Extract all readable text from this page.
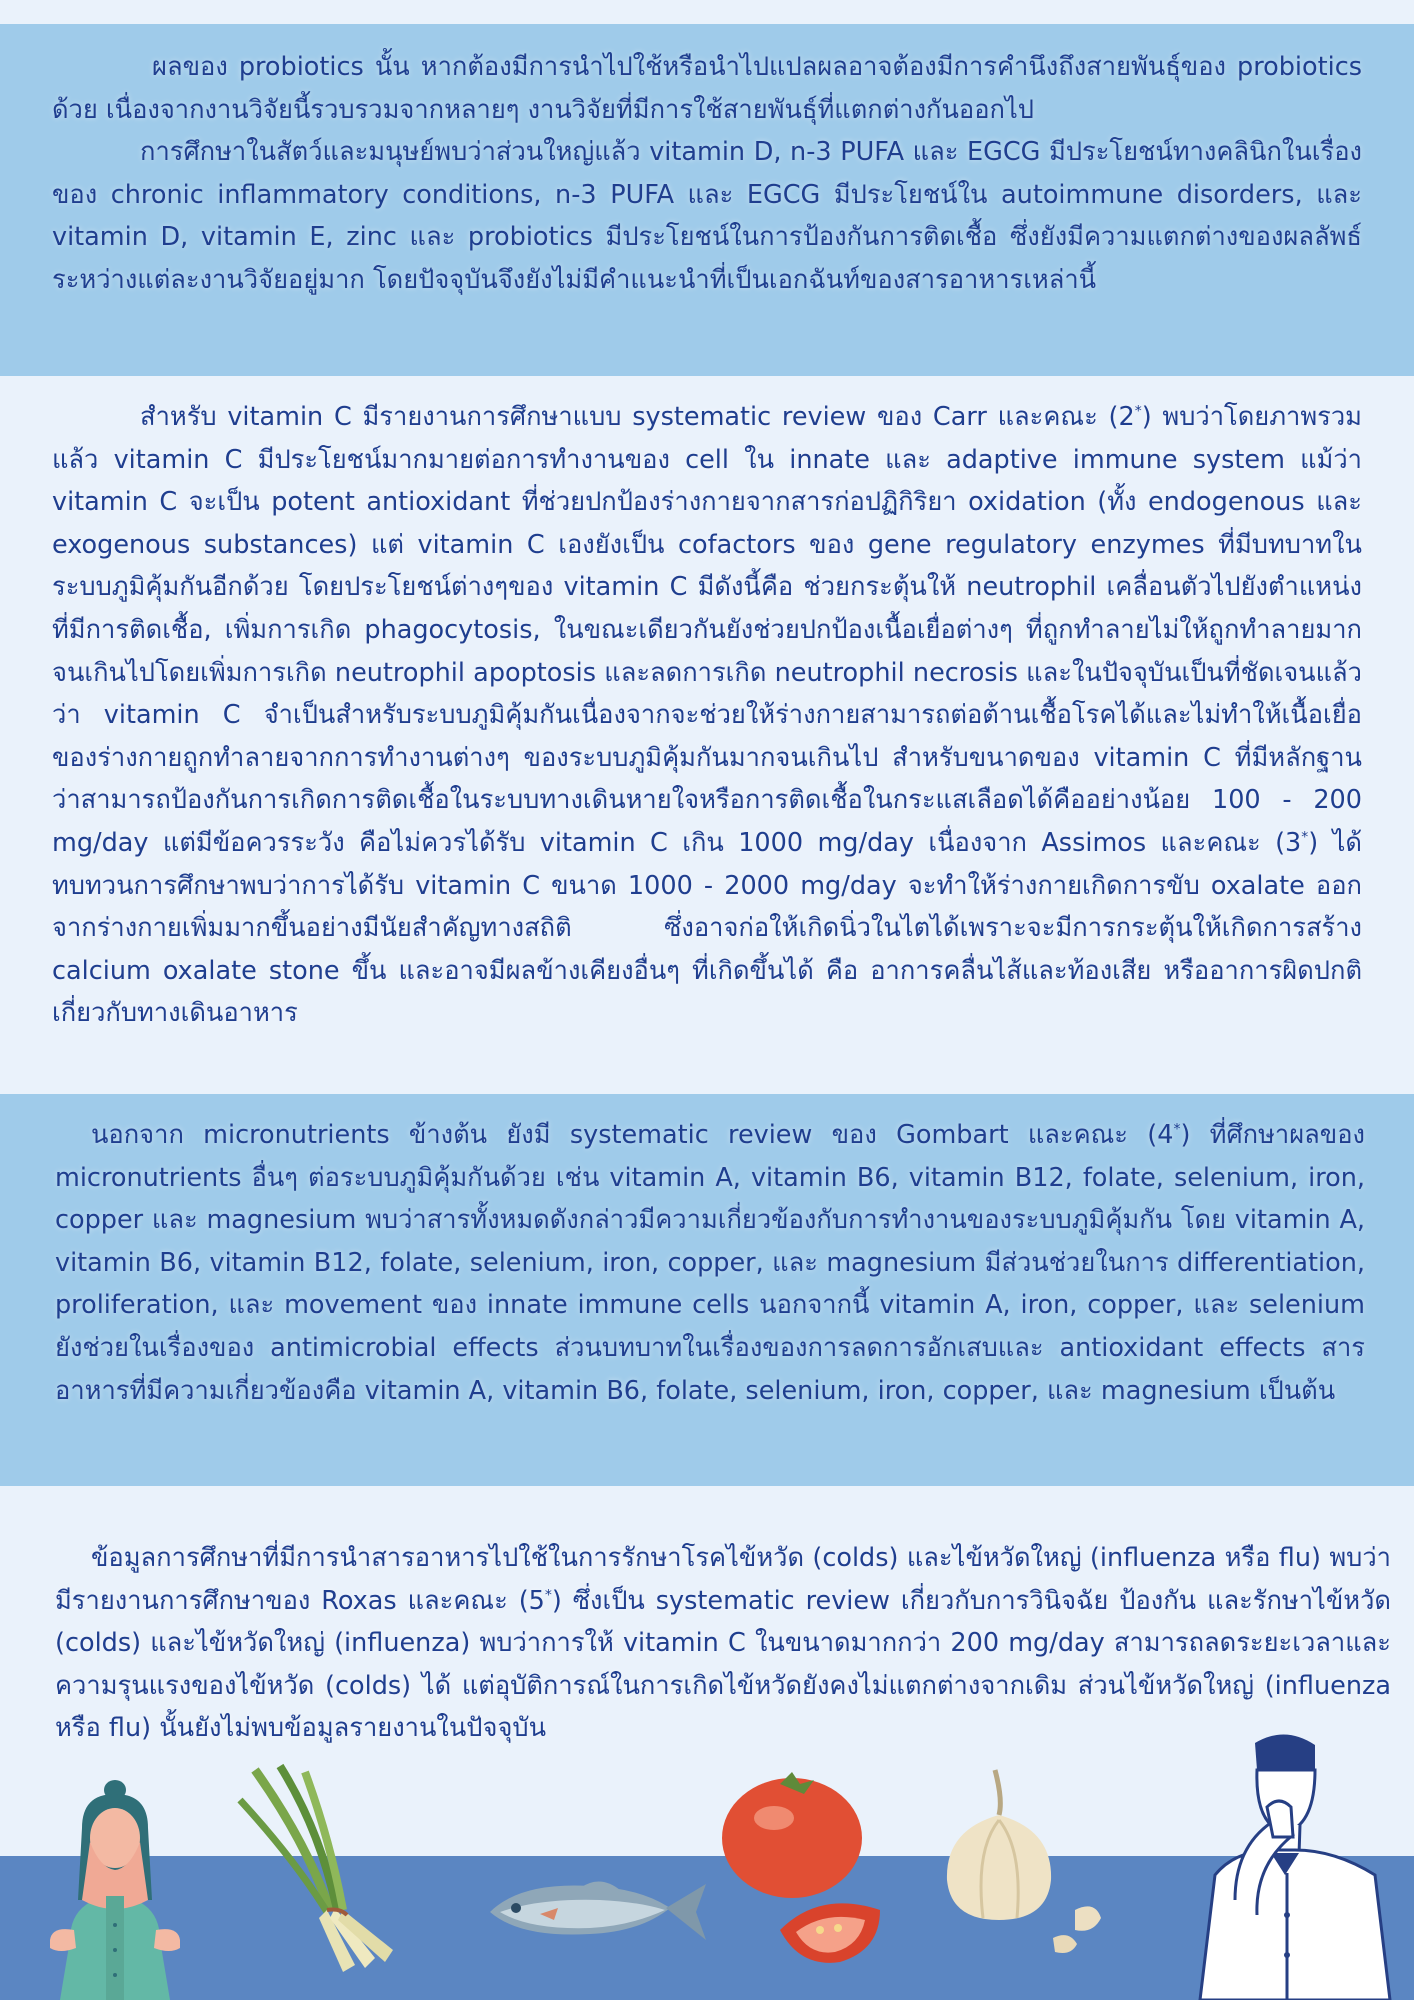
ผลของ probiotics นั้น หากต้องมีการนำไปใช้หรือนำไปแปลผลอาจต้องมีการคำนึงถึงสายพันธุ์ของ probiotics ด้วย เนื่องจากงานวิจัยนี้รวบรวมจากหลายๆ งานวิจัยที่มีการใช้สายพันธุ์ที่แตกต่างกันออกไป

การศึกษาในสัตว์และมนุษย์พบว่าส่วนใหญ่แล้ว vitamin D, n-3 PUFA และ EGCG มีประโยชน์ทางคลินิกในเรื่องของ chronic inflammatory conditions, n-3 PUFA และ EGCG มีประโยชน์ใน autoimmune disorders, และ vitamin D, vitamin E, zinc และ probiotics มีประโยชน์ในการป้องกันการติดเชื้อ ซึ่งยังมีความแตกต่างของผลลัพธ์ระหว่างแต่ละงานวิจัยอยู่มาก โดยปัจจุบันจึงยังไม่มีคำแนะนำที่เป็นเอกฉันท์ของสารอาหารเหล่านี้

สำหรับ vitamin C มีรายงานการศึกษาแบบ systematic review ของ Carr และคณะ (2*) พบว่าโดยภาพรวมแล้ว vitamin C มีประโยชน์มากมายต่อการทำงานของ cell ใน innate และ adaptive immune system แม้ว่า vitamin C จะเป็น potent antioxidant ที่ช่วยปกป้องร่างกายจากสารก่อปฏิกิริยา oxidation (ทั้ง endogenous และ exogenous substances) แต่ vitamin C เองยังเป็น cofactors ของ gene regulatory enzymes ที่มีบทบาทในระบบภูมิคุ้มกันอีกด้วย โดยประโยชน์ต่างๆของ vitamin C มีดังนี้คือ ช่วยกระตุ้นให้ neutrophil เคลื่อนตัวไปยังตำแหน่งที่มีการติดเชื้อ, เพิ่มการเกิด phagocytosis, ในขณะเดียวกันยังช่วยปกป้องเนื้อเยื่อต่างๆ ที่ถูกทำลายไม่ให้ถูกทำลายมากจนเกินไปโดยเพิ่มการเกิด neutrophil apoptosis และลดการเกิด neutrophil necrosis และในปัจจุบันเป็นที่ชัดเจนแล้วว่า vitamin C จำเป็นสำหรับระบบภูมิคุ้มกันเนื่องจากจะช่วยให้ร่างกายสามารถต่อต้านเชื้อโรคได้และไม่ทำให้เนื้อเยื่อของร่างกายถูกทำลายจากการทำงานต่างๆ ของระบบภูมิคุ้มกันมากจนเกินไป สำหรับขนาดของ vitamin C ที่มีหลักฐานว่าสามารถป้องกันการเกิดการติดเชื้อในระบบทางเดินหายใจหรือการติดเชื้อในกระแสเลือดได้คืออย่างน้อย 100 - 200 mg/day แต่มีข้อควรระวัง คือไม่ควรได้รับ vitamin C เกิน 1000 mg/day เนื่องจาก Assimos และคณะ (3*) ได้ทบทวนการศึกษาพบว่าการได้รับ vitamin C ขนาด 1000 - 2000 mg/day จะทำให้ร่างกายเกิดการขับ oxalate ออกจากร่างกายเพิ่มมากขึ้นอย่างมีนัยสำคัญทางสถิติ ซึ่งอาจก่อให้เกิดนิ่วในไตได้เพราะจะมีการกระตุ้นให้เกิดการสร้าง calcium oxalate stone ขึ้น และอาจมีผลข้างเคียงอื่นๆ ที่เกิดขึ้นได้ คือ อาการคลื่นไส้และท้องเสีย หรืออาการผิดปกติเกี่ยวกับทางเดินอาหาร

นอกจาก micronutrients ข้างต้น ยังมี systematic review ของ Gombart และคณะ (4*) ที่ศึกษาผลของ micronutrients อื่นๆ ต่อระบบภูมิคุ้มกันด้วย เช่น vitamin A, vitamin B6, vitamin B12, folate, selenium, iron, copper และ magnesium พบว่าสารทั้งหมดดังกล่าวมีความเกี่ยวข้องกับการทำงานของระบบภูมิคุ้มกัน โดย vitamin A, vitamin B6, vitamin B12, folate, selenium, iron, copper, และ magnesium มีส่วนช่วยในการ differentiation, proliferation, และ movement ของ innate immune cells นอกจากนี้ vitamin A, iron, copper, และ selenium ยังช่วยในเรื่องของ antimicrobial effects ส่วนบทบาทในเรื่องของการลดการอักเสบและ antioxidant effects สารอาหารที่มีความเกี่ยวข้องคือ vitamin A, vitamin B6, folate, selenium, iron, copper, และ magnesium เป็นต้น

ข้อมูลการศึกษาที่มีการนำสารอาหารไปใช้ในการรักษาโรคไข้หวัด (colds) และไข้หวัดใหญ่ (influenza หรือ flu) พบว่ามีรายงานการศึกษาของ Roxas และคณะ (5*) ซึ่งเป็น systematic review เกี่ยวกับการวินิจฉัย ป้องกัน และรักษาไข้หวัด (colds) และไข้หวัดใหญ่ (influenza) พบว่าการให้ vitamin C ในขนาดมากกว่า 200 mg/day สามารถลดระยะเวลาและความรุนแรงของไข้หวัด (colds) ได้ แต่อุบัติการณ์ในการเกิดไข้หวัดยังคงไม่แตกต่างจากเดิม ส่วนไข้หวัดใหญ่ (influenza หรือ flu) นั้นยังไม่พบข้อมูลรายงานในปัจจุบัน
